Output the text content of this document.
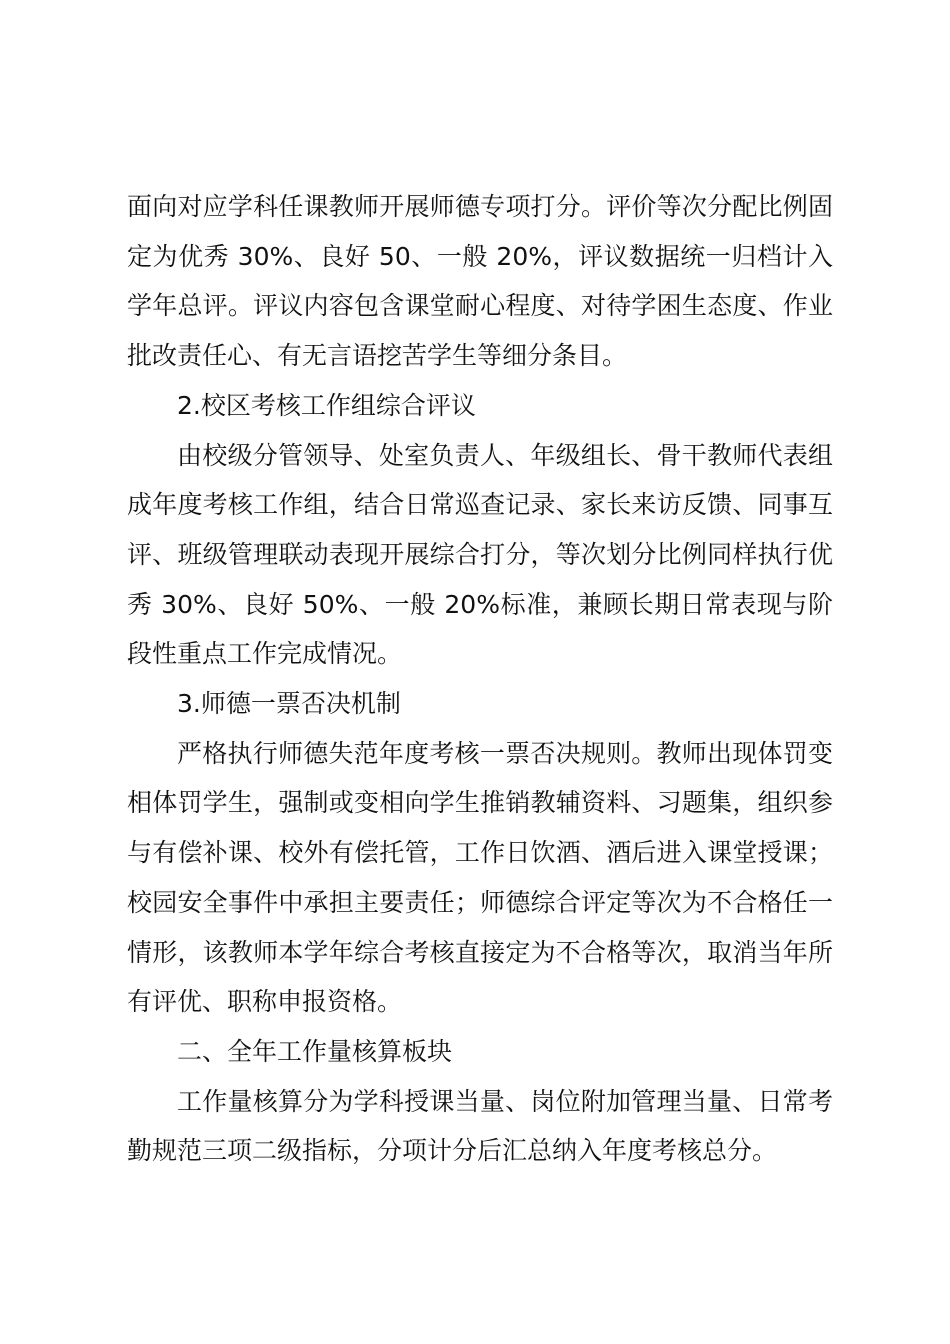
面向对应学科任课教师开展师德专项打分。评价等次分配比例固定为优秀 30%、良好 50、一般 20%，评议数据统一归档计入学年总评。评议内容包含课堂耐心程度、对待学困生态度、作业批改责任心、有无言语挖苦学生等细分条目。

2.校区考核工作组综合评议

由校级分管领导、处室负责人、年级组长、骨干教师代表组成年度考核工作组，结合日常巡查记录、家长来访反馈、同事互评、班级管理联动表现开展综合打分，等次划分比例同样执行优秀 30%、良好 50%、一般 20%标准，兼顾长期日常表现与阶段性重点工作完成情况。

3.师德一票否决机制

严格执行师德失范年度考核一票否决规则。教师出现体罚变相体罚学生，强制或变相向学生推销教辅资料、习题集，组织参与有偿补课、校外有偿托管，工作日饮酒、酒后进入课堂授课；校园安全事件中承担主要责任；师德综合评定等次为不合格任一情形，该教师本学年综合考核直接定为不合格等次，取消当年所有评优、职称申报资格。

二、全年工作量核算板块

工作量核算分为学科授课当量、岗位附加管理当量、日常考勤规范三项二级指标，分项计分后汇总纳入年度考核总分。
